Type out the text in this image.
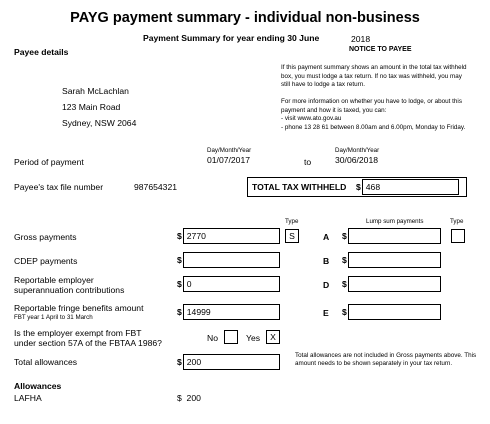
PAYG payment summary - individual non-business
Payment Summary for year ending 30 June	2018
Payee details
Sarah McLachlan
123 Main Road
Sydney, NSW 2064
NOTICE TO PAYEE

If this payment summary shows an amount in the total tax withheld box, you must lodge a tax return. If no tax was withheld, you may still have to lodge a tax return.

For more information on whether you have to lodge, or about this payment and how it is taxed, you can:

- visit www.ato.gov.au

- phone 13 28 61 between 8.00am and 6.00pm, Monday to Friday.

Day/Month/Year	Day/Month/Year
Period of payment	01/07/2017	to	30/06/2018
Payee's tax file number	987654321	TOTAL TAX WITHHELD $ 468
Type	Lump sum payments	Type
Gross payments	$ 2770	S	A $
CDEP payments	$	B $
Reportable employer
superannuation contributions
$ 0	D $
Reportable fringe benefits amount
FBT year 1 April to 31 March
$ 14999	E $
Is the employer exempt from FBT
under section 57A of the FBTAA 1986?	No	Yes	X
Total allowances	$ 200
Total allowances are not included in Gross payments above. This amount needs to be shown separately in your tax return.
Allowances
LAFHA	$  200
